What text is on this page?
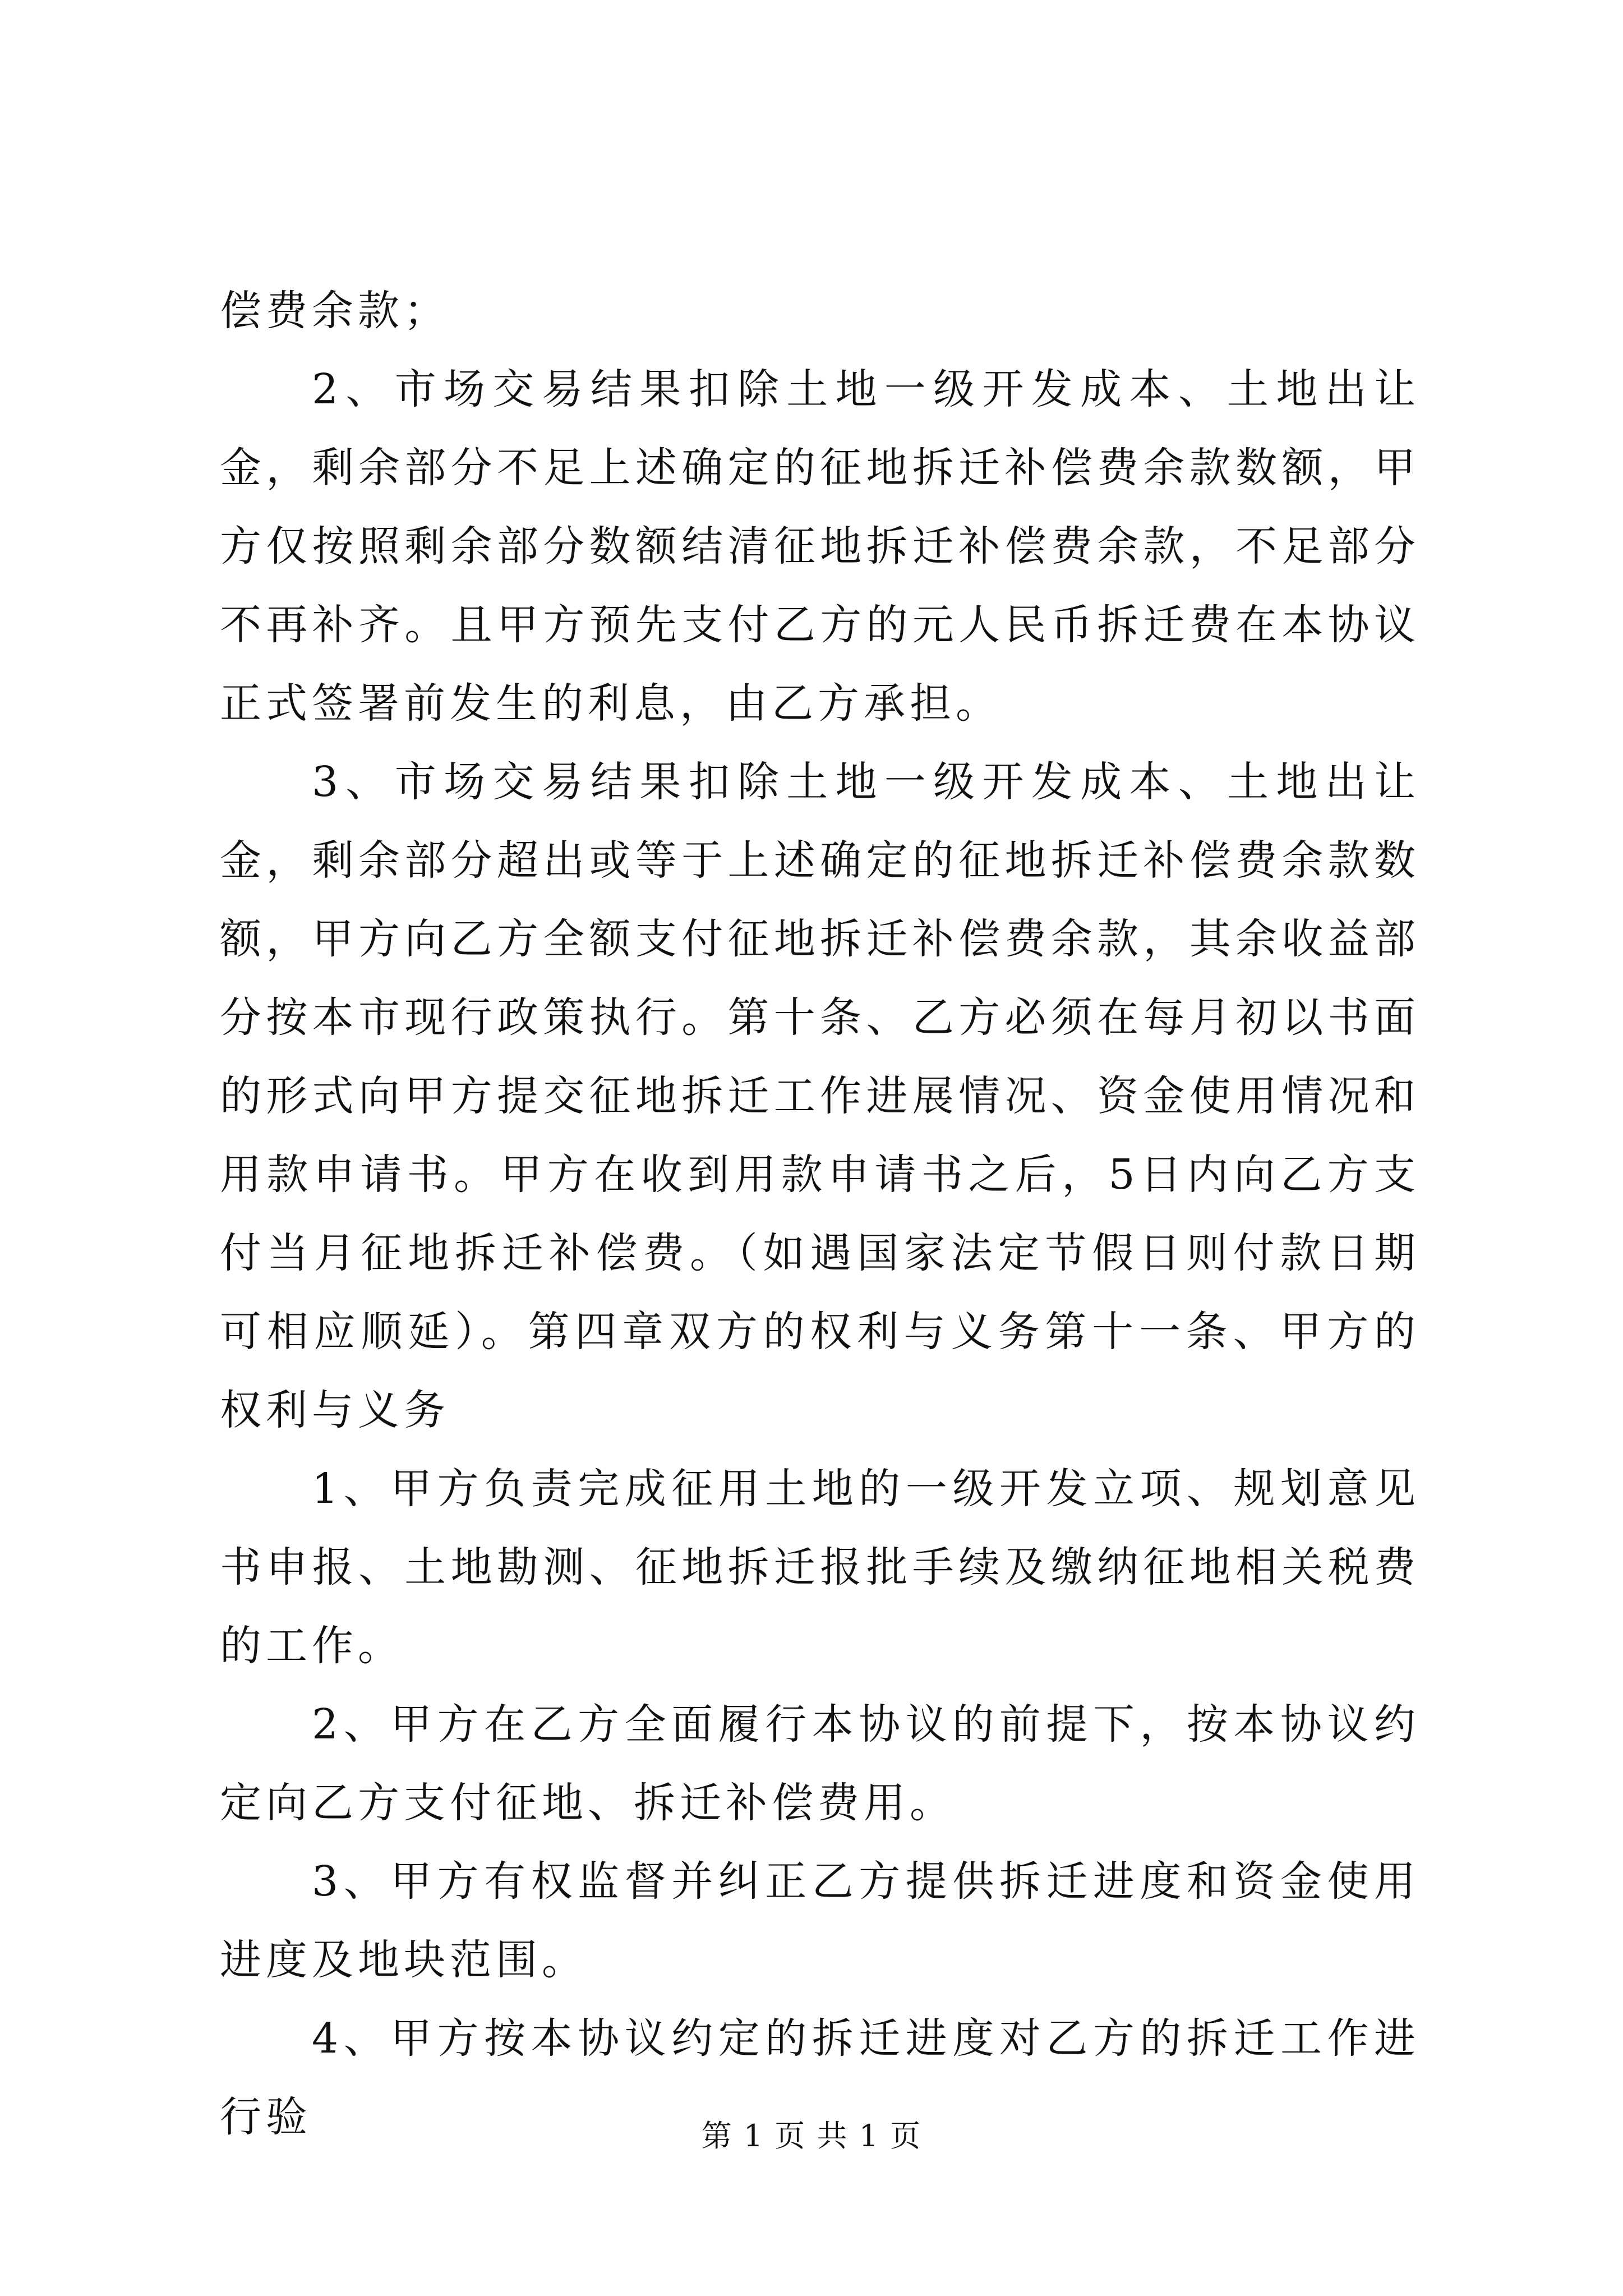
偿费余款；

2、市场交易结果扣除土地一级开发成本、土地出让金，剩余部分不足上述确定的征地拆迁补偿费余款数额，甲方仅按照剩余部分数额结清征地拆迁补偿费余款，不足部分不再补齐。且甲方预先支付乙方的元人民币拆迁费在本协议正式签署前发生的利息，由乙方承担。

3、市场交易结果扣除土地一级开发成本、土地出让金，剩余部分超出或等于上述确定的征地拆迁补偿费余款数额，甲方向乙方全额支付征地拆迁补偿费余款，其余收益部分按本市现行政策执行。第十条、乙方必须在每月初以书面的形式向甲方提交征地拆迁工作进展情况、资金使用情况和用款申请书。甲方在收到用款申请书之后，5日内向乙方支付当月征地拆迁补偿费。（如遇国家法定节假日则付款日期可相应顺延）。第四章双方的权利与义务第十一条、甲方的权利与义务

1、甲方负责完成征用土地的一级开发立项、规划意见书申报、土地勘测、征地拆迁报批手续及缴纳征地相关税费的工作。

2、甲方在乙方全面履行本协议的前提下，按本协议约定向乙方支付征地、拆迁补偿费用。

3、甲方有权监督并纠正乙方提供拆迁进度和资金使用进度及地块范围。

4、甲方按本协议约定的拆迁进度对乙方的拆迁工作进行验	第 1 页 共 1 页
